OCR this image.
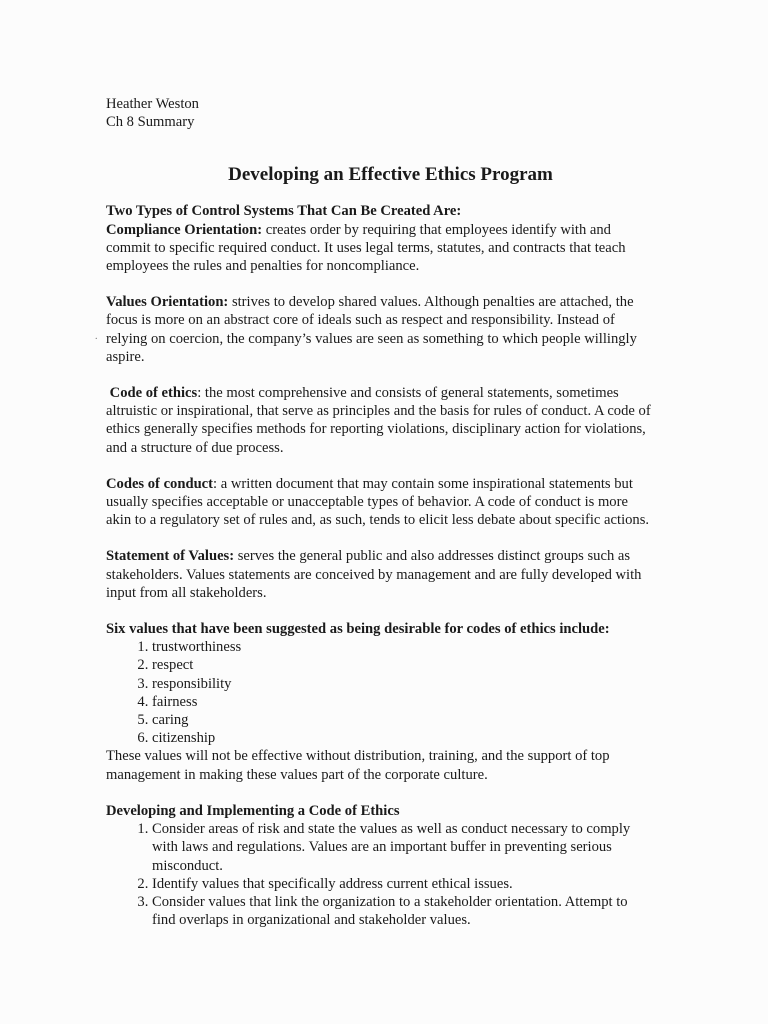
.

Heather Weston

Ch 8 Summary

Developing an Effective Ethics Program

Two Types of Control Systems That Can Be Created Are:

Compliance Orientation: creates order by requiring that employees identify with and commit to specific required conduct. It uses legal terms, statutes, and contracts that teach employees the rules and penalties for noncompliance.

Values Orientation: strives to develop shared values. Although penalties are attached, the focus is more on an abstract core of ideals such as respect and responsibility. Instead of relying on coercion, the company’s values are seen as something to which people willingly aspire.

Code of ethics: the most comprehensive and consists of general statements, sometimes altruistic or inspirational, that serve as principles and the basis for rules of conduct. A code of ethics generally specifies methods for reporting violations, disciplinary action for violations, and a structure of due process.

Codes of conduct: a written document that may contain some inspirational statements but usually specifies acceptable or unacceptable types of behavior. A code of conduct is more akin to a regulatory set of rules and, as such, tends to elicit less debate about specific actions.

Statement of Values: serves the general public and also addresses distinct groups such as stakeholders. Values statements are conceived by management and are fully developed with input from all stakeholders.

Six values that have been suggested as being desirable for codes of ethics include:

1. trustworthiness
2. respect
3. responsibility
4. fairness
5. caring
6. citizenship

These values will not be effective without distribution, training, and the support of top management in making these values part of the corporate culture.

Developing and Implementing a Code of Ethics

1. Consider areas of risk and state the values as well as conduct necessary to comply with laws and regulations. Values are an important buffer in preventing serious misconduct.
2. Identify values that specifically address current ethical issues.
3. Consider values that link the organization to a stakeholder orientation. Attempt to find overlaps in organizational and stakeholder values.
